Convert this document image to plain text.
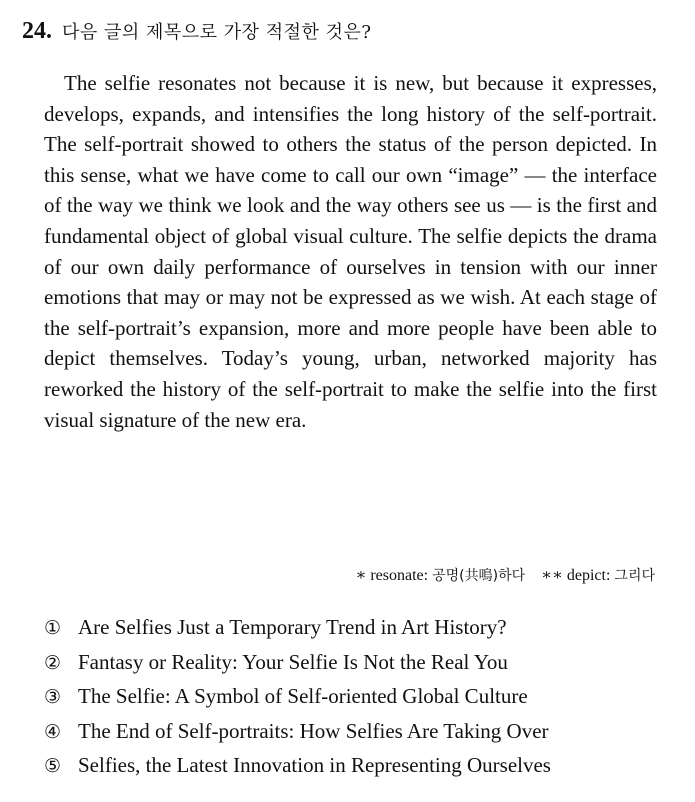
24. 다음 글의 제목으로 가장 적절한 것은?

The selfie resonates not because it is new, but because it expresses, develops, expands, and intensifies the long history of the self-portrait. The self-portrait showed to others the status of the person depicted. In this sense, what we have come to call our own “image” — the interface of the way we think we look and the way others see us — is the first and fundamental object of global visual culture. The selfie depicts the drama of our own daily performance of ourselves in tension with our inner emotions that may or may not be expressed as we wish. At each stage of the self-portrait’s expansion, more and more people have been able to depict themselves. Today’s young, urban, networked majority has reworked the history of the self-portrait to make the selfie into the first visual signature of the new era.

∗ resonate: 공명(共鳴)하다 ∗∗ depict: 그리다
① Are Selfies Just a Temporary Trend in Art History?
② Fantasy or Reality: Your Selfie Is Not the Real You
③ The Selfie: A Symbol of Self-oriented Global Culture
④ The End of Self-portraits: How Selfies Are Taking Over
⑤ Selfies, the Latest Innovation in Representing Ourselves
